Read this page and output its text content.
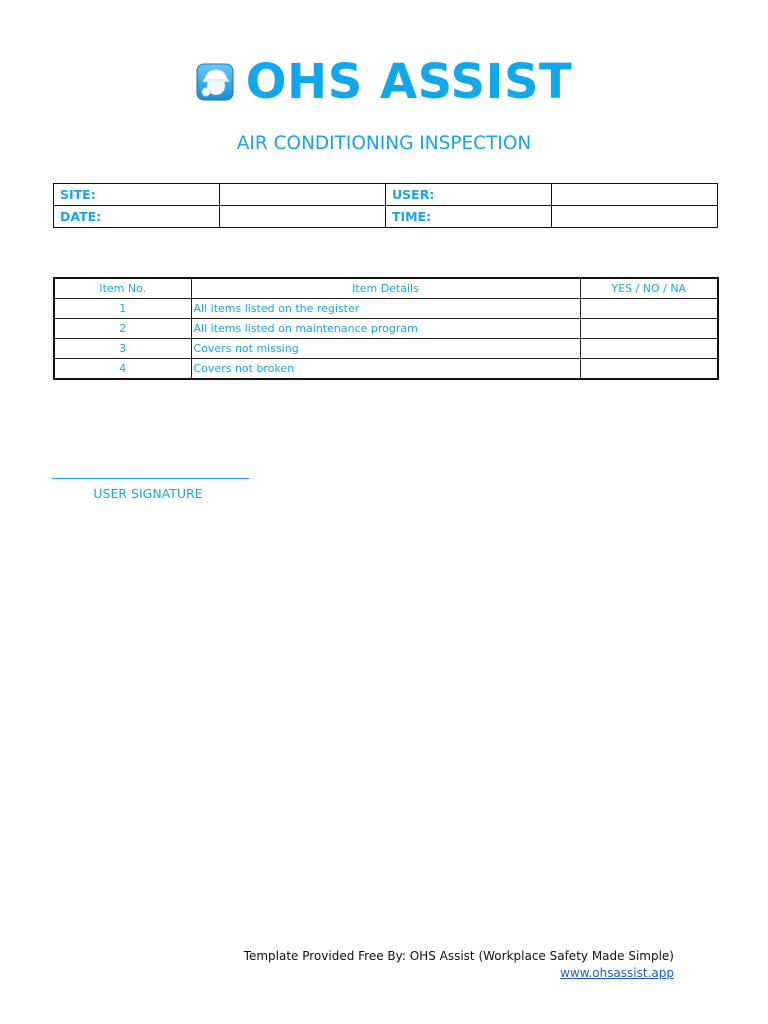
OHS ASSIST
AIR CONDITIONING INSPECTION
SITE:		USER:	
DATE:		TIME:	
Item No.	Item Details	YES / NO / NA
1	All items listed on the register	
2	All items listed on maintenance program	
3	Covers not missing	
4	Covers not broken	
USER SIGNATURE
Template Provided Free By: OHS Assist (Workplace Safety Made Simple)
www.ohsassist.app
